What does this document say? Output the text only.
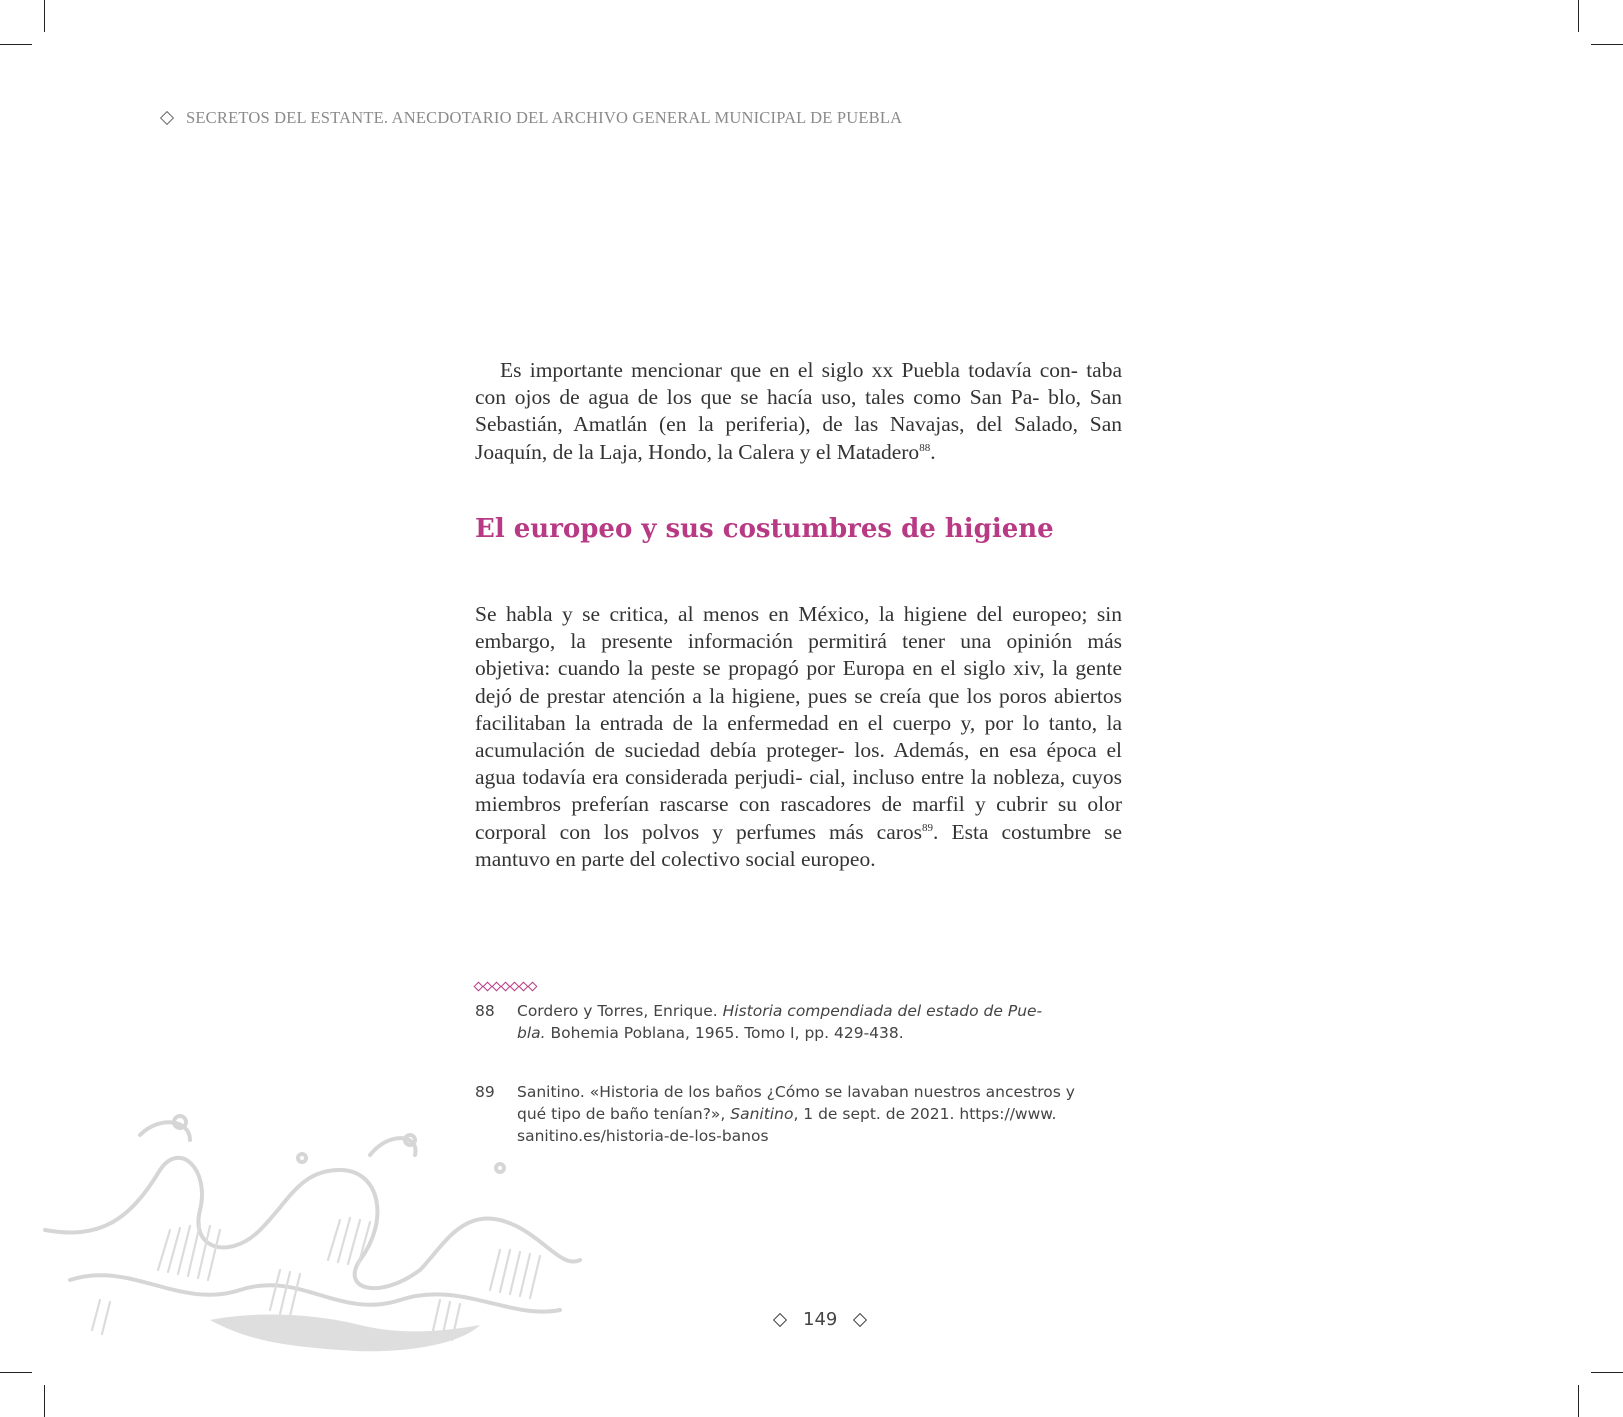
SECRETOS DEL ESTANTE. ANECDOTARIO DEL ARCHIVO GENERAL MUNICIPAL DE PUEBLA

Es importante mencionar que en el siglo xx Puebla todavía con- taba con ojos de agua de los que se hacía uso, tales como San Pa- blo, San Sebastián, Amatlán (en la periferia), de las Navajas, del Salado, San Joaquín, de la Laja, Hondo, la Calera y el Matadero$^{88}$.

El europeo y sus costumbres de higiene

Se habla y se critica, al menos en México, la higiene del europeo; sin embargo, la presente información permitirá tener una opinión más objetiva: cuando la peste se propagó por Europa en el siglo xiv, la gente dejó de prestar atención a la higiene, pues se creía que los poros abiertos facilitaban la entrada de la enfermedad en el cuerpo y, por lo tanto, la acumulación de suciedad debía proteger- los. Además, en esa época el agua todavía era considerada perjudi- cial, incluso entre la nobleza, cuyos miembros preferían rascarse con rascadores de marfil y cubrir su olor corporal con los polvos y perfumes más caros$^{89}$. Esta costumbre se mantuvo en parte del colectivo social europeo.

88	Cordero y Torres, Enrique. Historia compendiada del estado de Pue-
bla. Bohemia Poblana, 1965. Tomo I, pp. 429-438.
89	Sanitino. «Historia de los baños ¿Cómo se lavaban nuestros ancestros y
qué tipo de baño tenían?», Sanitino, 1 de sept. de 2021. https://www.
sanitino.es/historia-de-los-banos
149
